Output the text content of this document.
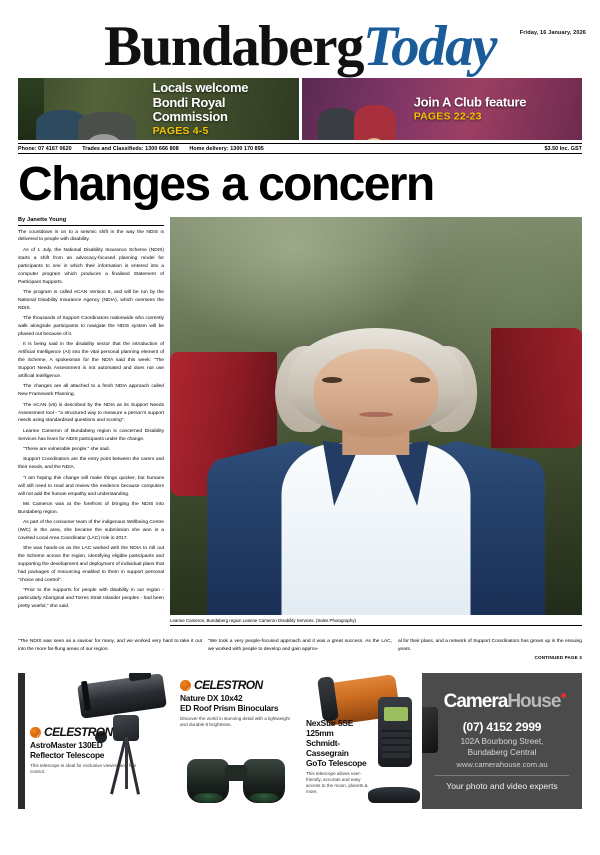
BundabergToday	Friday, 16 January, 2026
Locals welcome
Bondi Royal Commission
PAGES 4-5
Join A Club feature
PAGES 22-23
Phone: 07 4167 0620 Trades and Classifieds: 1300 666 808 Home delivery: 1300 170 895	$3.50 Inc. GST
Changes a concern
By Janette Young

The countdown is on to a seismic shift in the way the NDIS is delivered to people with disability.

As of 1 July, the National Disability Insurance Scheme (NDIS) starts a shift from an advocacy-focused planning model for participants to one in which their information is entered into a computer program which produces a finalised Statement of Participant Supports.

The program is called eCAN Version 6, and will be run by the National Disability Insurance Agency (NDIA), which oversees the NDIS.

The thousands of Support Coordinators nationwide who currently walk alongside participants to navigate the NDIS system will be phased out because of it.

It is being said in the disability sector that the introduction of Artificial Intelligence (AI) into the vital personal planning element of the Scheme. A spokesman for the NDIA said this week: "The Support Needs Assessment is not automated and does not use artificial intelligence.

The changes are all attached to a fresh NDIA approach called New Framework Planning.

The eCAN (v6) is described by the NDIA as its Support Needs Assessment tool - "a structured way to measure a person's support needs using standardised questions and scoring".

Leanne Cameron of Bundaberg region is concerned Disability Services has fears for NDIS participants under the change.

"These are vulnerable people," she said.

Support Coordinators are the entry point between the carers and their needs, and the NDIA.

"I am hoping this change will make things quicker, but humans will still need to read and review the evidence because computers will not add the human empathy and understanding.

Ms Cameron was at the forefront of bringing the NDIS into Bundaberg region.

As part of the consumer team of the indigenous Wellbeing Centre (IWC) in the area, she became the submission she won in a coveted Local Area Coordinator (LAC) role in 2017.

She was hands-on as the LAC worked with the NDIA to roll out the Scheme across the region, identifying eligible participants and supporting the development and deployment of individual plans that had packages of resourcing enabled to them in support personal "choice and control".

"Prior to the supports for people with disability in our region - particularly Aboriginal and Torres Strait Islander peoples - had been pretty woeful," she said.

Leanne Cameron, Bundaberg region Leanne Cameron Disability Services. (Sales Photography)

"The NDIS was seen as a saviour for many, and we worked very hard to take it out into the more far-flung areas of our region.

"We took a very people-focused approach and it was a great success. As the LAC, we worked with people to develop and gain approv-

al for their plans, and a network of Support Coordinators has grown up in the ensuing years.

CONTINUED PAGE 3
Deep Sky
CELESTRON
AstroMaster 130ED
Reflector Telescope
This telescope is ideal for exclusive viewing and fine control.
CELESTRON
Nature DX 10x42
ED Roof Prism Binoculars
Discover the world in stunning detail with a lightweight and durable 8 brightness.	NexStar 5SE 125mm
Schmidt-Cassegrain
GoTo Telescope
This telescope allows user-friendly, accurate and easy access to the moon, planets & more.
CameraHouse
(07) 4152 2999
102A Bourbong Street,
Bundaberg Central
www.camerahouse.com.au
Your photo and video experts
